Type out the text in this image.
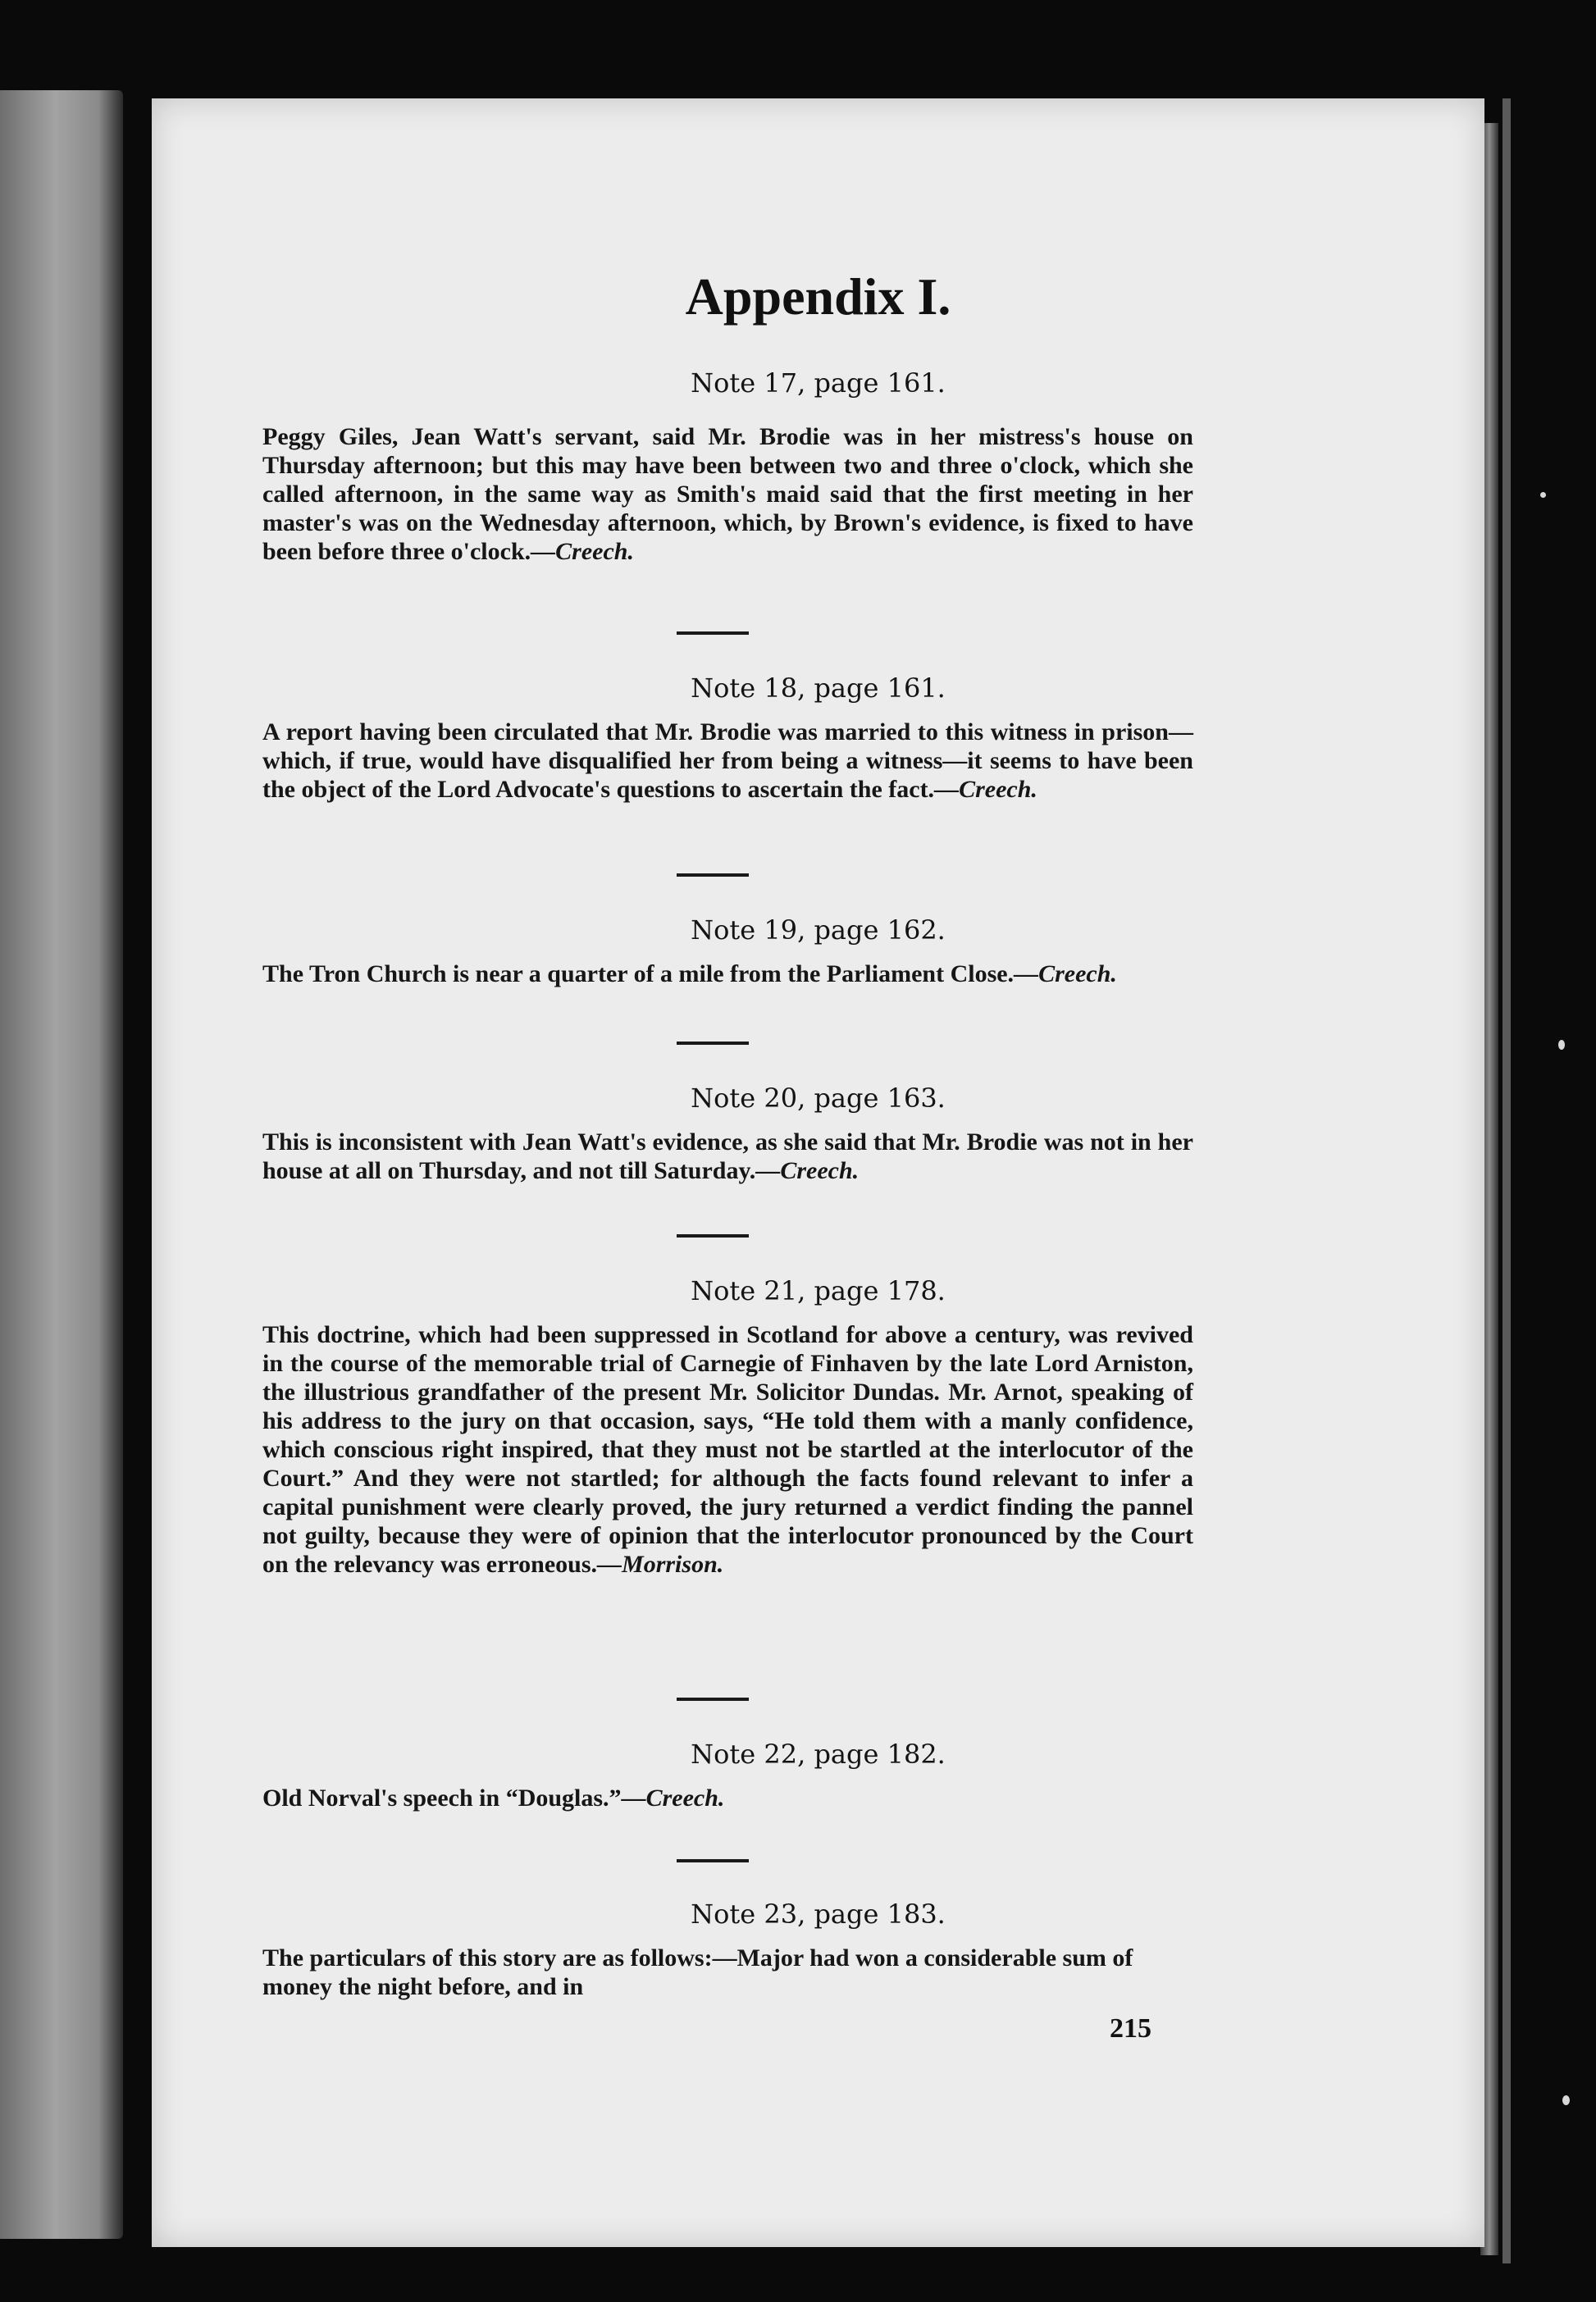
Appendix I.
Note 17, page 161.
Peggy Giles, Jean Watt's servant, said Mr. Brodie was in her mistress's house on Thursday afternoon; but this may have been between two and three o'clock, which she called afternoon, in the same way as Smith's maid said that the first meeting in her master's was on the Wednesday afternoon, which, by Brown's evidence, is fixed to have been before three o'clock.—Creech.
Note 18, page 161.
A report having been circulated that Mr. Brodie was married to this witness in prison—which, if true, would have disqualified her from being a witness—it seems to have been the object of the Lord Advocate's questions to ascertain the fact.—Creech.
Note 19, page 162.
The Tron Church is near a quarter of a mile from the Parliament Close.—Creech.
Note 20, page 163.
This is inconsistent with Jean Watt's evidence, as she said that Mr. Brodie was not in her house at all on Thursday, and not till Saturday.—Creech.
Note 21, page 178.
This doctrine, which had been suppressed in Scotland for above a century, was revived in the course of the memorable trial of Carnegie of Finhaven by the late Lord Arniston, the illustrious grandfather of the present Mr. Solicitor Dundas. Mr. Arnot, speaking of his address to the jury on that occasion, says, “He told them with a manly confidence, which conscious right inspired, that they must not be startled at the interlocutor of the Court.” And they were not startled; for although the facts found relevant to infer a capital punishment were clearly proved, the jury returned a verdict finding the pannel not guilty, because they were of opinion that the interlocutor pronounced by the Court on the relevancy was erroneous.—Morrison.
Note 22, page 182.
Old Norval's speech in “Douglas.”—Creech.
Note 23, page 183.
The particulars of this story are as follows:—Major had won a considerable sum of money the night before, and in
215
